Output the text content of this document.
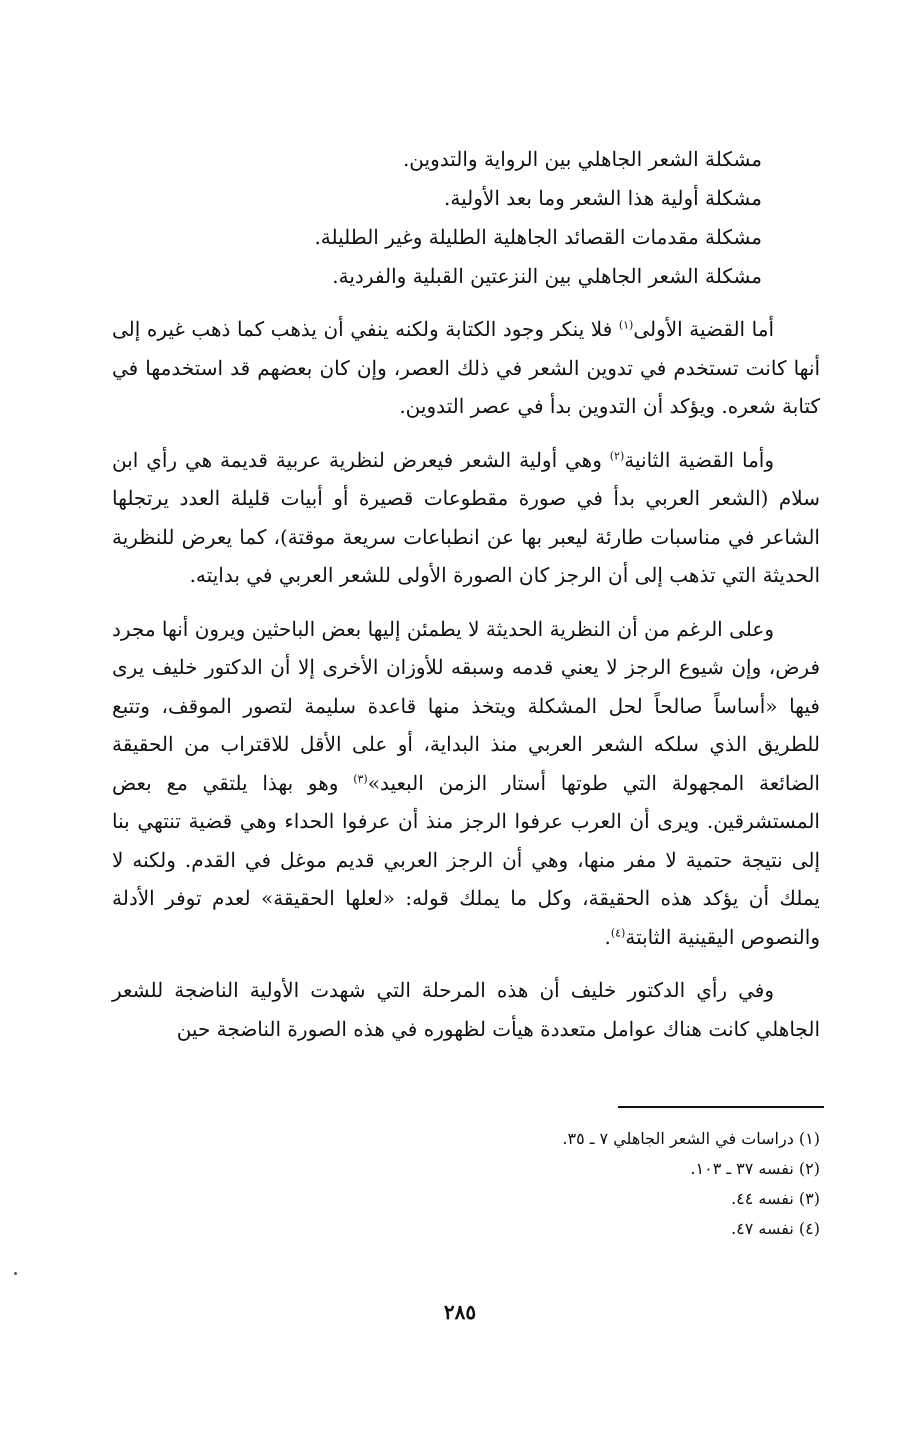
مشكلة الشعر الجاهلي بين الرواية والتدوين.
مشكلة أولية هذا الشعر وما بعد الأولية.
مشكلة مقدمات القصائد الجاهلية الطليلة وغير الطليلة.
مشكلة الشعر الجاهلي بين النزعتين القبلية والفردية.

أما القضية الأولى$^{(١)}$ فلا ينكر وجود الكتابة ولكنه ينفي أن يذهب كما ذهب غيره إلى أنها كانت تستخدم في تدوين الشعر في ذلك العصر، وإن كان بعضهم قد استخدمها في كتابة شعره. ويؤكد أن التدوين بدأ في عصر التدوين.

وأما القضية الثانية$^{(٢)}$ وهي أولية الشعر فيعرض لنظرية عربية قديمة هي رأي ابن سلام (الشعر العربي بدأ في صورة مقطوعات قصيرة أو أبيات قليلة العدد يرتجلها الشاعر في مناسبات طارئة ليعبر بها عن انطباعات سريعة موقتة)، كما يعرض للنظرية الحديثة التي تذهب إلى أن الرجز كان الصورة الأولى للشعر العربي في بدايته.

وعلى الرغم من أن النظرية الحديثة لا يطمئن إليها بعض الباحثين ويرون أنها مجرد فرض، وإن شيوع الرجز لا يعني قدمه وسبقه للأوزان الأخرى إلا أن الدكتور خليف يرى فيها «أساساً صالحاً لحل المشكلة ويتخذ منها قاعدة سليمة لتصور الموقف، وتتبع للطريق الذي سلكه الشعر العربي منذ البداية، أو على الأقل للاقتراب من الحقيقة الضائعة المجهولة التي طوتها أستار الزمن البعيد»$^{(٣)}$ وهو بهذا يلتقي مع بعض المستشرقين. ويرى أن العرب عرفوا الرجز منذ أن عرفوا الحداء وهي قضية تنتهي بنا إلى نتيجة حتمية لا مفر منها، وهي أن الرجز العربي قديم موغل في القدم. ولكنه لا يملك أن يؤكد هذه الحقيقة، وكل ما يملك قوله: «لعلها الحقيقة» لعدم توفر الأدلة والنصوص اليقينية الثابتة$^{(٤)}$.

وفي رأي الدكتور خليف أن هذه المرحلة التي شهدت الأولية الناضجة للشعر الجاهلي كانت هناك عوامل متعددة هيأت لظهوره في هذه الصورة الناضجة حين

(١) دراسات في الشعر الجاهلي ٧ ـ ٣٥.
(٢) نفسه ٣٧ ـ ١٠٣.
(٣) نفسه ٤٤.
(٤) نفسه ٤٧.
٢٨٥
